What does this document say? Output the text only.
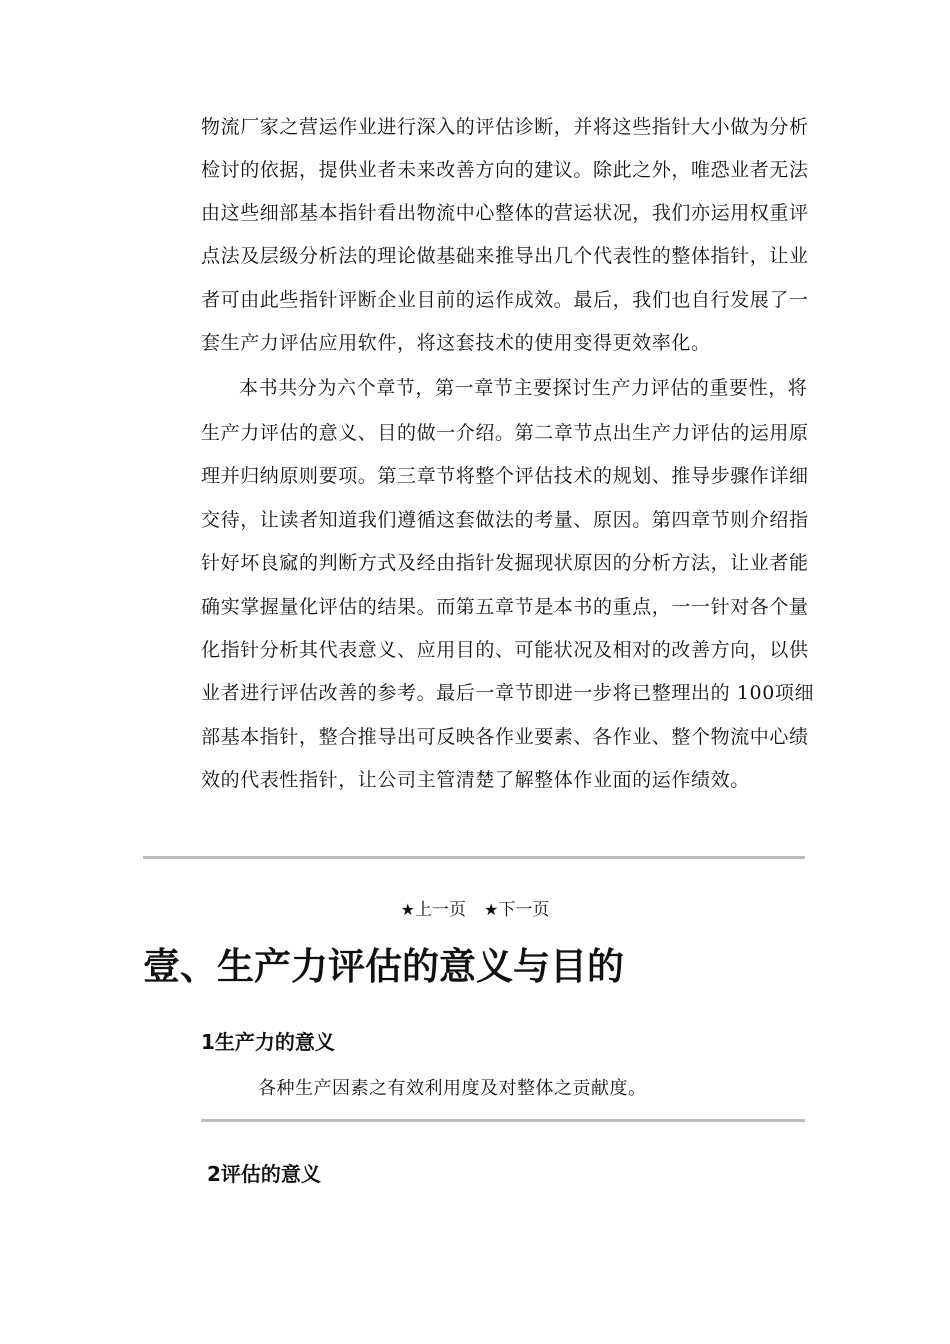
物流厂家之营运作业进行深入的评估诊断，并将这些指针大小做为分析
检讨的依据，提供业者未来改善方向的建议。除此之外，唯恐业者无法
由这些细部基本指针看出物流中心整体的营运状况，我们亦运用权重评
点法及层级分析法的理论做基础来推导出几个代表性的整体指针，让业
者可由此些指针评断企业目前的运作成效。最后，我们也自行发展了一
套生产力评估应用软件，将这套技术的使用变得更效率化。
本书共分为六个章节，第一章节主要探讨生产力评估的重要性，将
生产力评估的意义、目的做一介绍。第二章节点出生产力评估的运用原
理并归纳原则要项。第三章节将整个评估技术的规划、推导步骤作详细
交待，让读者知道我们遵循这套做法的考量、原因。第四章节则介绍指
针好坏良窳的判断方式及经由指针发掘现状原因的分析方法，让业者能
确实掌握量化评估的结果。而第五章节是本书的重点，一一针对各个量
化指针分析其代表意义、应用目的、可能状况及相对的改善方向，以供
业者进行评估改善的参考。最后一章节即进一步将已整理出的 100项细
部基本指针，整合推导出可反映各作业要素、各作业、整个物流中心绩
效的代表性指针，让公司主管清楚了解整体作业面的运作绩效。
★上一页 ★下一页
壹、生产力评估的意义与目的
1生产力的意义
各种生产因素之有效利用度及对整体之贡献度。
2评估的意义
